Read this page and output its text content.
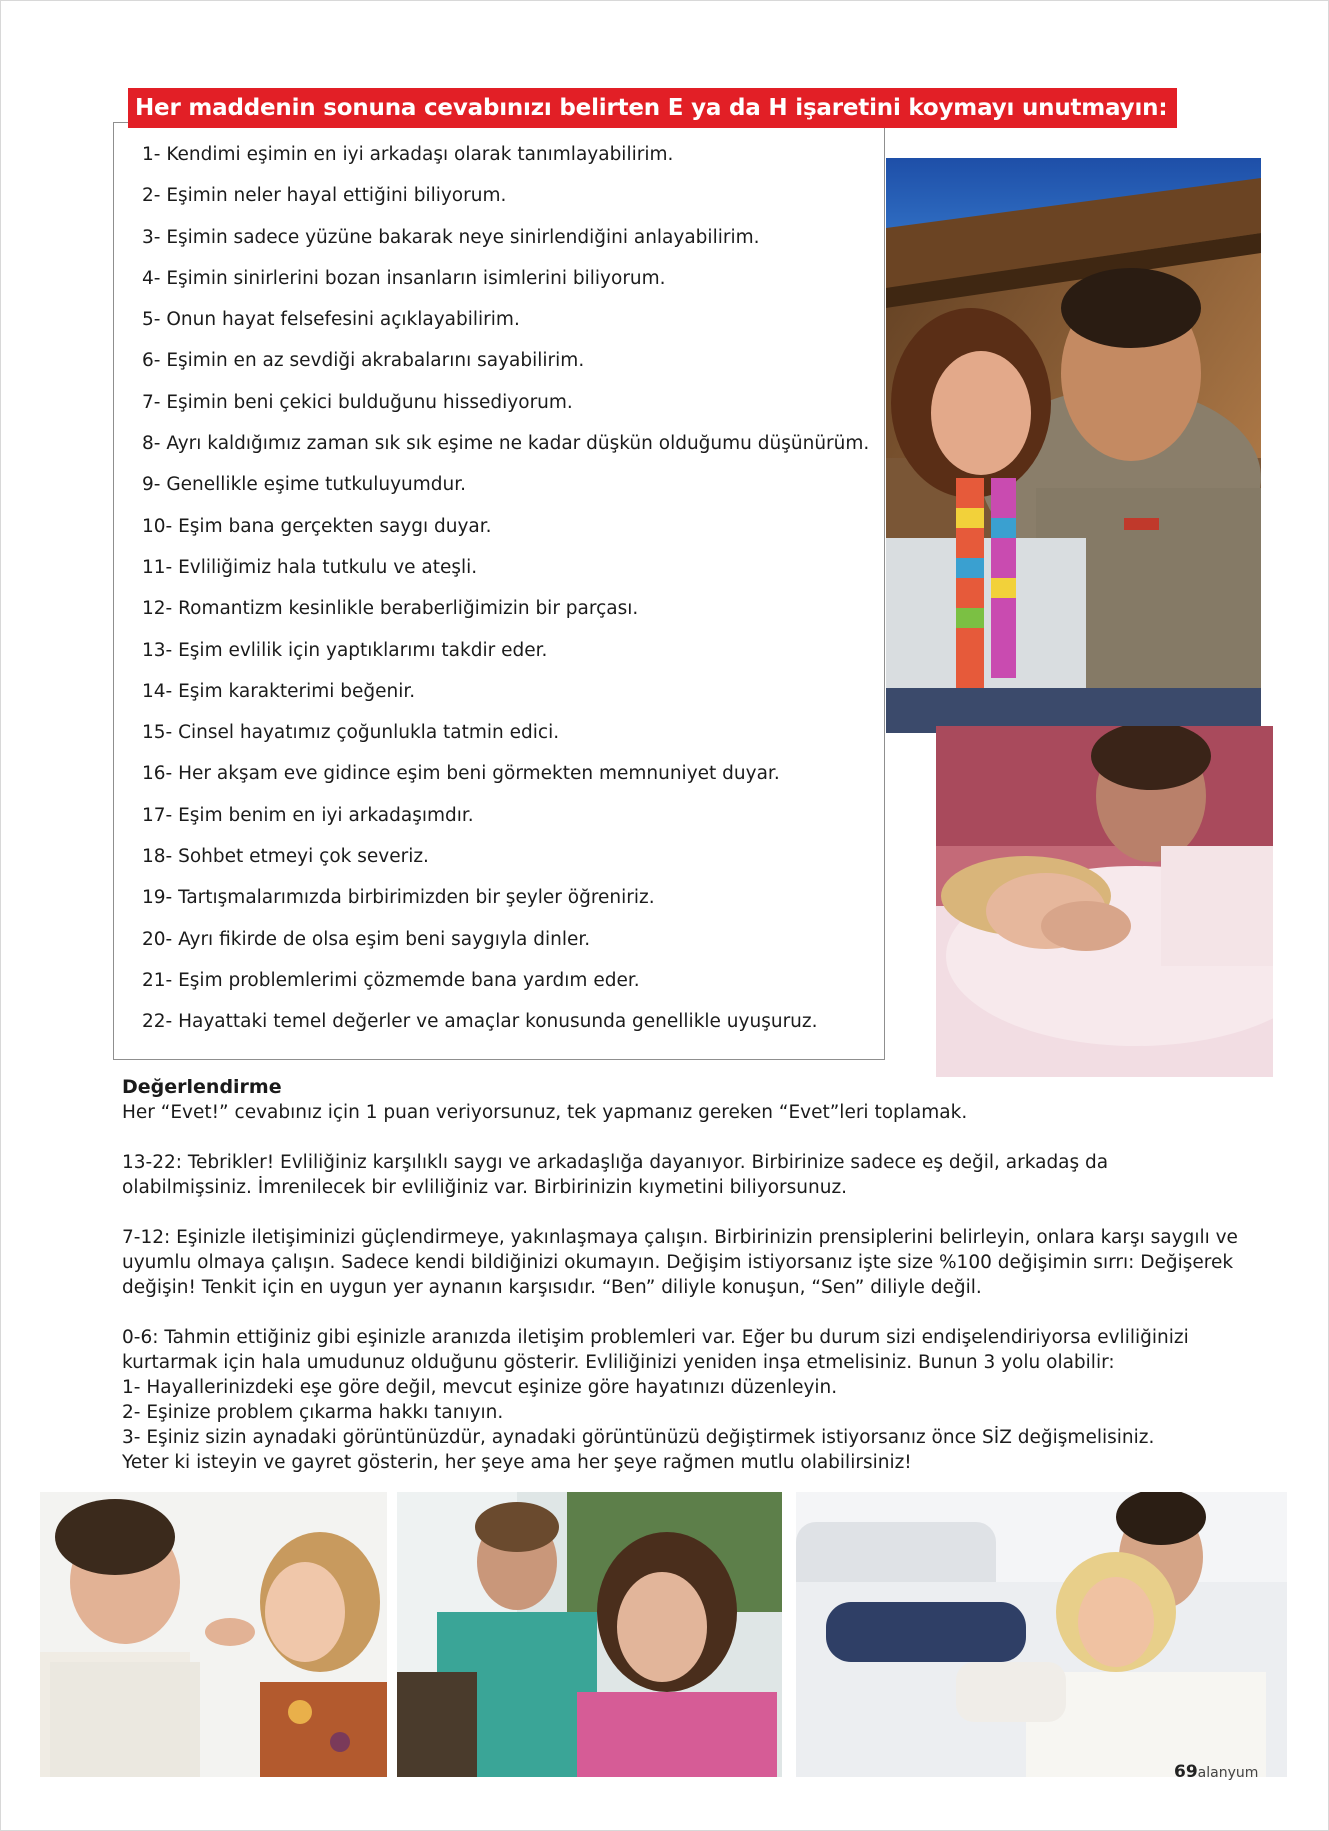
1- Kendimi eşimin en iyi arkadaşı olarak tanımlayabilirim.
2- Eşimin neler hayal ettiğini biliyorum.
3- Eşimin sadece yüzüne bakarak neye sinirlendiğini anlayabilirim.
4- Eşimin sinirlerini bozan insanların isimlerini biliyorum.
5- Onun hayat felsefesini açıklayabilirim.
6- Eşimin en az sevdiği akrabalarını sayabilirim.
7- Eşimin beni çekici bulduğunu hissediyorum.
8- Ayrı kaldığımız zaman sık sık eşime ne kadar düşkün olduğumu düşünürüm.
9- Genellikle eşime tutkuluyumdur.
10- Eşim bana gerçekten saygı duyar.
11- Evliliğimiz hala tutkulu ve ateşli.
12- Romantizm kesinlikle beraberliğimizin bir parçası.
13- Eşim evlilik için yaptıklarımı takdir eder.
14- Eşim karakterimi beğenir.
15- Cinsel hayatımız çoğunlukla tatmin edici.
16- Her akşam eve gidince eşim beni görmekten memnuniyet duyar.
17- Eşim benim en iyi arkadaşımdır.
18- Sohbet etmeyi çok severiz.
19- Tartışmalarımızda birbirimizden bir şeyler öğreniriz.
20- Ayrı fikirde de olsa eşim beni saygıyla dinler.
21- Eşim problemlerimi çözmemde bana yardım eder.
22- Hayattaki temel değerler ve amaçlar konusunda genellikle uyuşuruz.
Her maddenin sonuna cevabınızı belirten E ya da H işaretini koymayı unutmayın:

Değerlendirme

Her “Evet!” cevabınız için 1 puan veriyorsunuz, tek yapmanız gereken “Evet”leri toplamak.

13-22: Tebrikler! Evliliğiniz karşılıklı saygı ve arkadaşlığa dayanıyor. Birbirinize sadece eş değil, arkadaş da olabilmişsiniz. İmrenilecek bir evliliğiniz var. Birbirinizin kıymetini biliyorsunuz.

7-12: Eşinizle iletişiminizi güçlendirmeye, yakınlaşmaya çalışın. Birbirinizin prensiplerini belirleyin, onlara karşı saygılı ve uyumlu olmaya çalışın. Sadece kendi bildiğinizi okumayın. Değişim istiyorsanız işte size %100 değişimin sırrı: Değişerek değişin! Tenkit için en uygun yer aynanın karşısıdır. “Ben” diliyle konuşun, “Sen” diliyle değil.

0-6: Tahmin ettiğiniz gibi eşinizle aranızda iletişim problemleri var. Eğer bu durum sizi endişelendiriyorsa evliliğinizi kurtarmak için hala umudunuz olduğunu gösterir. Evliliğinizi yeniden inşa etmelisiniz. Bunun 3 yolu olabilir:

1- Hayallerinizdeki eşe göre değil, mevcut eşinize göre hayatınızı düzenleyin.

2- Eşinize problem çıkarma hakkı tanıyın.

3- Eşiniz sizin aynadaki görüntünüzdür, aynadaki görüntünüzü değiştirmek istiyorsanız önce SİZ değişmelisiniz.

Yeter ki isteyin ve gayret gösterin, her şeye ama her şeye rağmen mutlu olabilirsiniz!

69alanyum
